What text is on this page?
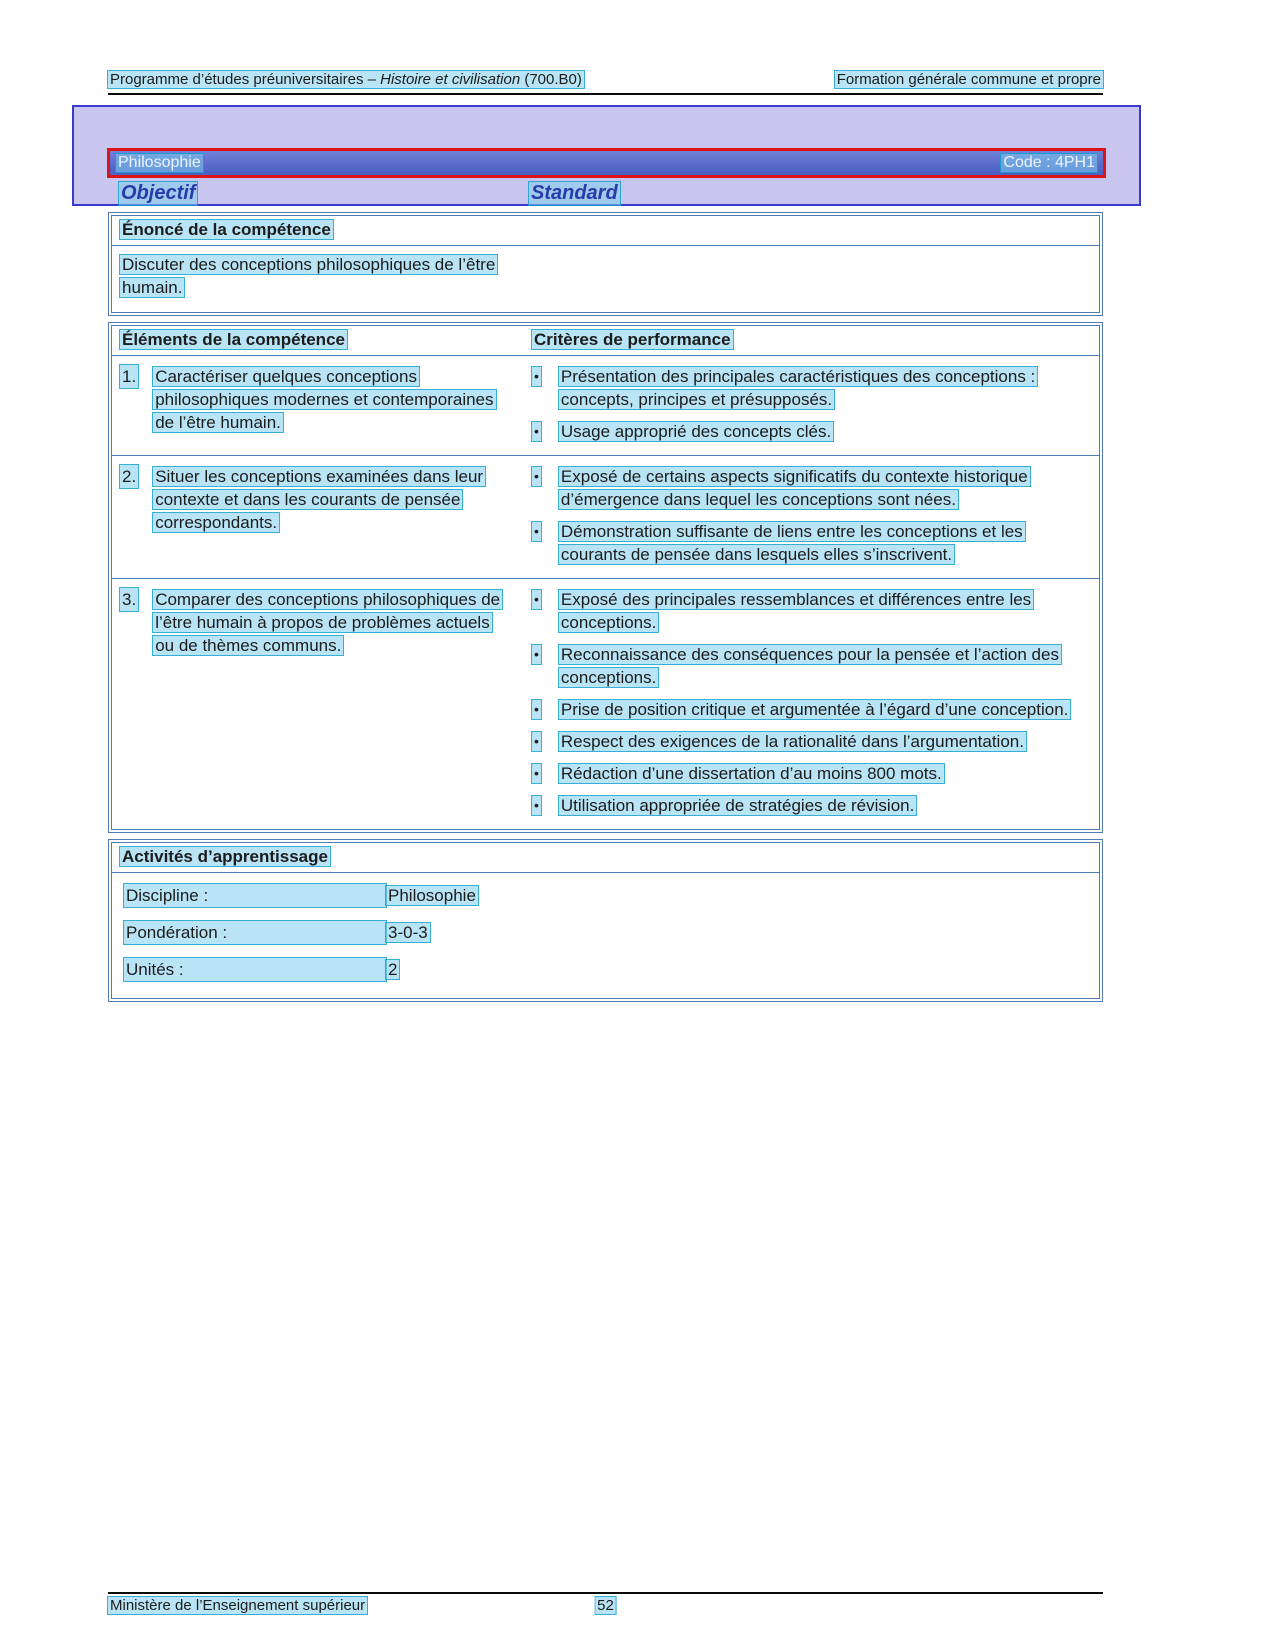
Programme d’études préuniversitaires – Histoire et civilisation (700.B0)	Formation générale commune et propre
Philosophie	Code : 4PH1
Objectif	Standard
Énoncé de la compétence
Discuter des conceptions philosophiques de l’être humain.
Éléments de la compétence	Critères de performance
1. Caractériser quelques conceptions philosophiques modernes et contemporaines de l’être humain.
• Présentation des principales caractéristiques des conceptions : concepts, principes et présupposés.
• Usage approprié des concepts clés.
2. Situer les conceptions examinées dans leur contexte et dans les courants de pensée correspondants.
• Exposé de certains aspects significatifs du contexte historique d’émergence dans lequel les conceptions sont nées.
• Démonstration suffisante de liens entre les conceptions et les courants de pensée dans lesquels elles s’inscrivent.
3. Comparer des conceptions philosophiques de l’être humain à propos de problèmes actuels ou de thèmes communs.
• Exposé des principales ressemblances et différences entre les conceptions.
• Reconnaissance des conséquences pour la pensée et l’action des conceptions.
• Prise de position critique et argumentée à l’égard d’une conception.
• Respect des exigences de la rationalité dans l’argumentation.
• Rédaction d’une dissertation d’au moins 800 mots.
• Utilisation appropriée de stratégies de révision.
Activités d’apprentissage
Discipline :	Philosophie
Pondération :	3-0-3
Unités :	2
Ministère de l’Enseignement supérieur	52
